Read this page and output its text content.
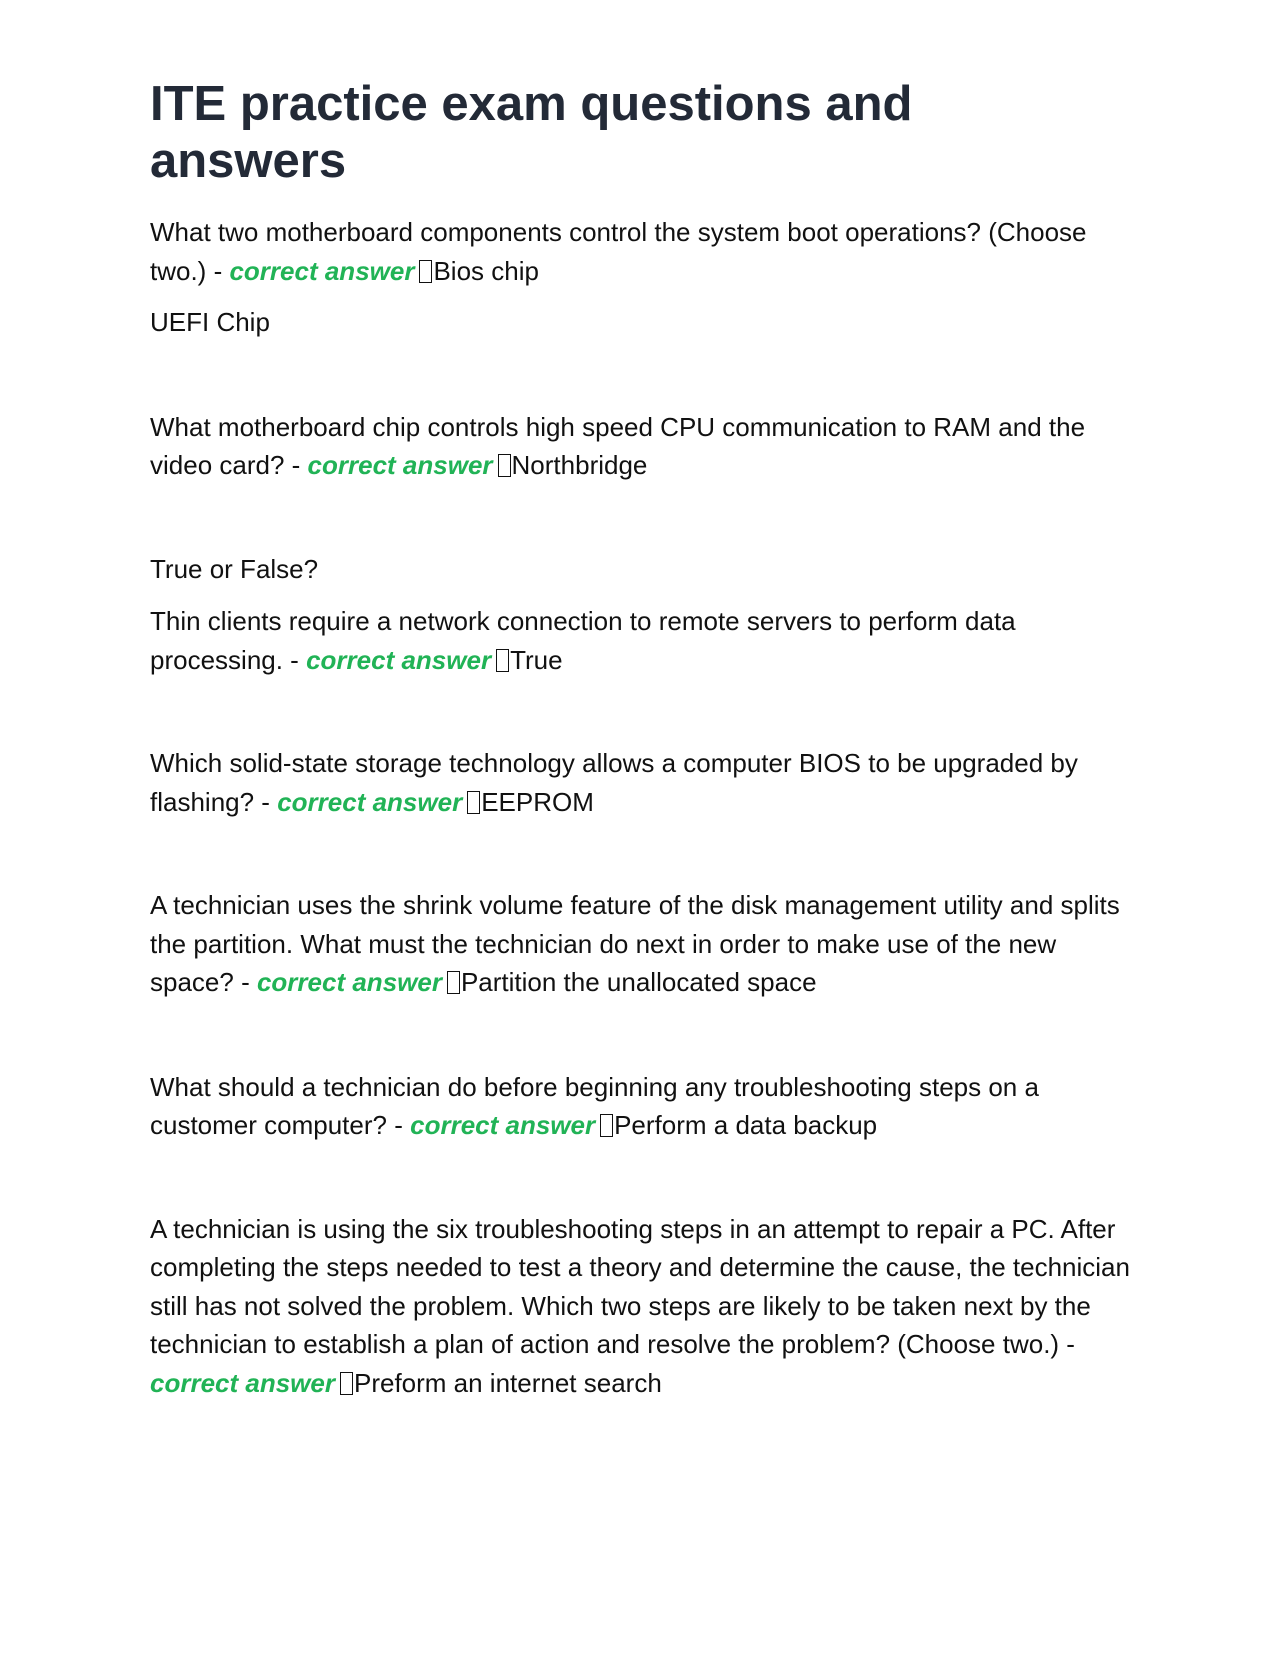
ITE practice exam questions and answers

What two motherboard components control the system boot operations? (Choose two.) - correct answer Bios chip

UEFI Chip

What motherboard chip controls high speed CPU communication to RAM and the video card? - correct answer Northbridge

True or False?

Thin clients require a network connection to remote servers to perform data processing. - correct answer True

Which solid-state storage technology allows a computer BIOS to be upgraded by flashing? - correct answer EEPROM

A technician uses the shrink volume feature of the disk management utility and splits the partition. What must the technician do next in order to make use of the new space? - correct answer Partition the unallocated space

What should a technician do before beginning any troubleshooting steps on a customer computer? - correct answer Perform a data backup

A technician is using the six troubleshooting steps in an attempt to repair a PC. After completing the steps needed to test a theory and determine the cause, the technician still has not solved the problem. Which two steps are likely to be taken next by the technician to establish a plan of action and resolve the problem? (Choose two.) - correct answer Preform an internet search
